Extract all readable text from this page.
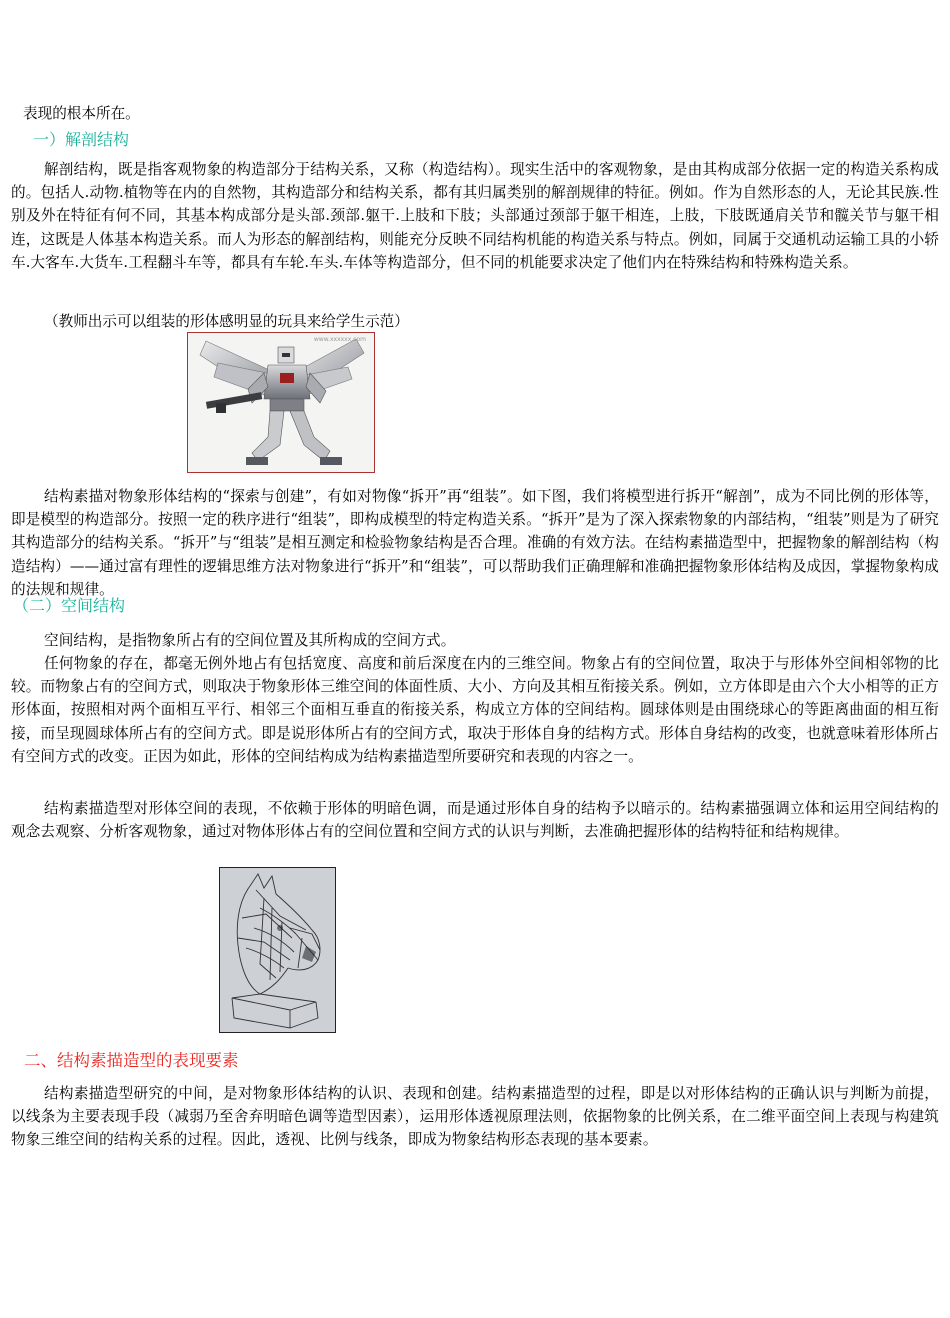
表现的根本所在。

一）解剖结构

解剖结构，既是指客观物象的构造部分于结构关系，又称（构造结构）。现实生活中的客观物象，是由其构成部分依据一定的构造关系构成的。包括人.动物.植物等在内的自然物，其构造部分和结构关系，都有其归属类别的解剖规律的特征。例如。作为自然形态的人，无论其民族.性别及外在特征有何不同，其基本构成部分是头部.颈部.躯干.上肢和下肢；头部通过颈部于躯干相连，上肢，下肢既通肩关节和髋关节与躯干相连，这既是人体基本构造关系。而人为形态的解剖结构，则能充分反映不同结构机能的构造关系与特点。例如，同属于交通机动运输工具的小轿车.大客车.大货车.工程翻斗车等，都具有车轮.车头.车体等构造部分，但不同的机能要求决定了他们内在特殊结构和特殊构造关系。

（教师出示可以组装的形体感明显的玩具来给学生示范）

www.xxxxxx.com

结构素描对物象形体结构的“探索与创建”，有如对物像“拆开”再“组装”。如下图，我们将模型进行拆开“解剖”，成为不同比例的形体等，即是模型的构造部分。按照一定的秩序进行“组装”，即构成模型的特定构造关系。“拆开”是为了深入探索物象的内部结构，“组装”则是为了研究其构造部分的结构关系。“拆开”与“组装”是相互测定和检验物象结构是否合理。准确的有效方法。在结构素描造型中，把握物象的解剖结构（构造结构）——通过富有理性的逻辑思维方法对物象进行“拆开”和“组装”，可以帮助我们正确理解和准确把握物象形体结构及成因，掌握物象构成的法规和规律。

（二）空间结构

空间结构，是指物象所占有的空间位置及其所构成的空间方式。

任何物象的存在，都毫无例外地占有包括宽度、高度和前后深度在内的三维空间。物象占有的空间位置，取决于与形体外空间相邻物的比较。而物象占有的空间方式，则取决于物象形体三维空间的体面性质、大小、方向及其相互衔接关系。例如，立方体即是由六个大小相等的正方形体面，按照相对两个面相互平行、相邻三个面相互垂直的衔接关系，构成立方体的空间结构。圆球体则是由围绕球心的等距离曲面的相互衔接，而呈现圆球体所占有的空间方式。即是说形体所占有的空间方式，取决于形体自身的结构方式。形体自身结构的改变，也就意味着形体所占有空间方式的改变。正因为如此，形体的空间结构成为结构素描造型所要研究和表现的内容之一。

结构素描造型对形体空间的表现，不依赖于形体的明暗色调，而是通过形体自身的结构予以暗示的。结构素描强调立体和运用空间结构的观念去观察、分析客观物象，通过对物体形体占有的空间位置和空间方式的认识与判断，去准确把握形体的结构特征和结构规律。

二、结构素描造型的表现要素

结构素描造型研究的中间，是对物象形体结构的认识、表现和创建。结构素描造型的过程，即是以对形体结构的正确认识与判断为前提，以线条为主要表现手段（减弱乃至舍弃明暗色调等造型因素），运用形体透视原理法则，依据物象的比例关系，在二维平面空间上表现与构建筑物象三维空间的结构关系的过程。因此，透视、比例与线条，即成为物象结构形态表现的基本要素。
